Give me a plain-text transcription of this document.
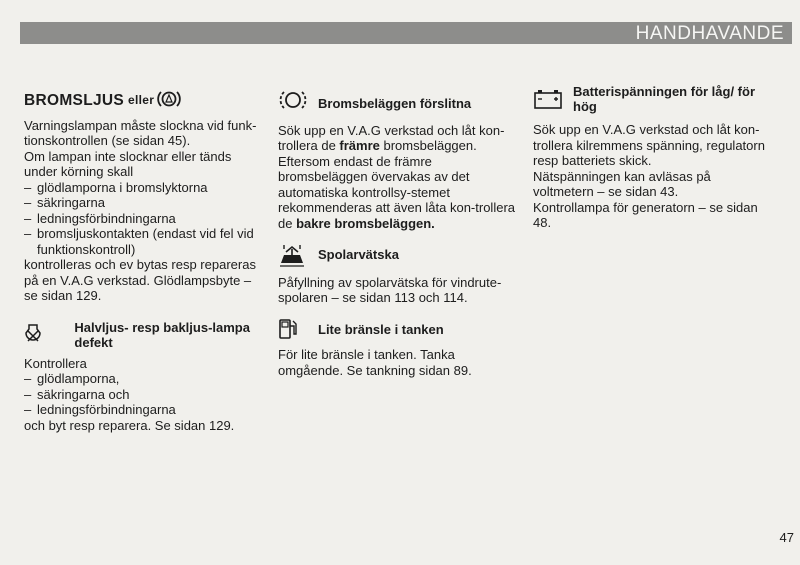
HANDHAVANDE
BROMSLJUS eller

Varningslampan måste slockna vid funk-tionskontrollen (se sidan 45).

Om lampan inte slocknar eller tänds under körning skall

– glödlamporna i bromslyktorna
– säkringarna
– ledningsförbindningarna
– bromsljuskontakten (endast vid fel vid funktionskontroll)

kontrolleras och ev bytas resp repareras på en V.A.G verkstad. Glödlampsbyte – se sidan 129.

Halvljus- resp bakljus-lampa defekt

Kontrollera

– glödlamporna,
– säkringarna och
– ledningsförbindningarna

och byt resp reparera. Se sidan 129.

Bromsbeläggen förslitna

Sök upp en V.A.G verkstad och låt kon-trollera de främre bromsbeläggen.

Eftersom endast de främre bromsbeläggen övervakas av det automatiska kontrollsy-stemet rekommenderas att även låta kon-trollera de bakre bromsbeläggen.

Spolarvätska

Påfyllning av spolarvätska för vindrute-spolaren – se sidan 113 och 114.

Lite bränsle i tanken

För lite bränsle i tanken. Tanka omgående. Se tankning sidan 89.

Batterispänningen för låg/ för hög

Sök upp en V.A.G verkstad och låt kon-trollera kilremmens spänning, regulatorn resp batteriets skick.

Nätspänningen kan avläsas på voltmetern – se sidan 43.

Kontrollampa för generatorn – se sidan 48.

47
